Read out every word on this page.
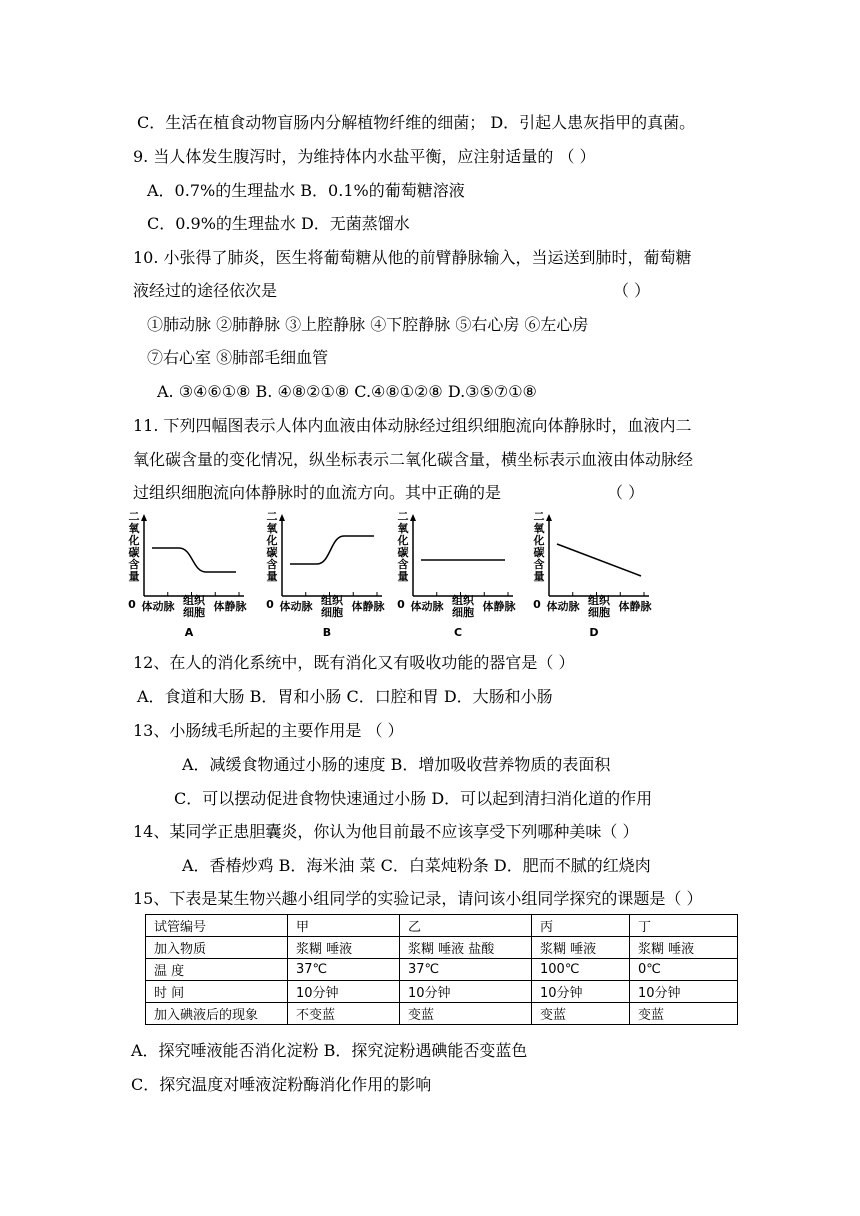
C．生活在植食动物盲肠内分解植物纤维的细菌； D．引起人患灰指甲的真菌。
9. 当人体发生腹泻时，为维持体内水盐平衡，应注射适量的 （ ）
A．0.7%的生理盐水 B．0.1%的葡萄糖溶液
C．0.9%的生理盐水 D．无菌蒸馏水
10. 小张得了肺炎，医生将葡萄糖从他的前臂静脉输入，当运送到肺时，葡萄糖
液经过的途径依次是	（ ）
①肺动脉 ②肺静脉 ③上腔静脉 ④下腔静脉 ⑤右心房 ⑥左心房
⑦右心室 ⑧肺部毛细血管
A. ③④⑥①⑧ B. ④⑧②①⑧ C.④⑧①②⑧ D.③⑤⑦①⑧
11. 下列四幅图表示人体内血液由体动脉经过组织细胞流向体静脉时，血液内二
氧化碳含量的变化情况，纵坐标表示二氧化碳含量，横坐标表示血液由体动脉经
过组织细胞流向体静脉时的血流方向。其中正确的是	（ ）
二
氧
化
碳
含
量
0 体动脉 组织
细胞 体静脉
A
二
氧
化
碳
含
量
0 体动脉 组织
细胞 体静脉
B
二
氧
化
碳
含
量
0 体动脉 组织
细胞 体静脉
C
二
氧
化
碳
含
量
0 体动脉 组织
细胞 体静脉
D
12、在人的消化系统中，既有消化又有吸收功能的器官是（ ）
A．食道和大肠 B．胃和小肠 C．口腔和胃 D．大肠和小肠
13、小肠绒毛所起的主要作用是 （ ）
A．减缓食物通过小肠的速度 B．增加吸收营养物质的表面积
C．可以摆动促进食物快速通过小肠 D．可以起到清扫消化道的作用
14、某同学正患胆囊炎，你认为他目前最不应该享受下列哪种美味（ ）
A．香椿炒鸡 B．海米油 菜 C．白菜炖粉条 D．肥而不腻的红烧肉
15、下表是某生物兴趣小组同学的实验记录，请问该小组同学探究的课题是（ ）
试管编号	甲	乙	丙	丁
加入物质	浆糊 唾液	浆糊 唾液 盐酸	浆糊 唾液	浆糊 唾液
温 度	37℃	37℃	100℃	0℃
时 间	10分钟	10分钟	10分钟	10分钟
加入碘液后的现象	不变蓝	变蓝	变蓝	变蓝
A．探究唾液能否消化淀粉 B．探究淀粉遇碘能否变蓝色
C．探究温度对唾液淀粉酶消化作用的影响
